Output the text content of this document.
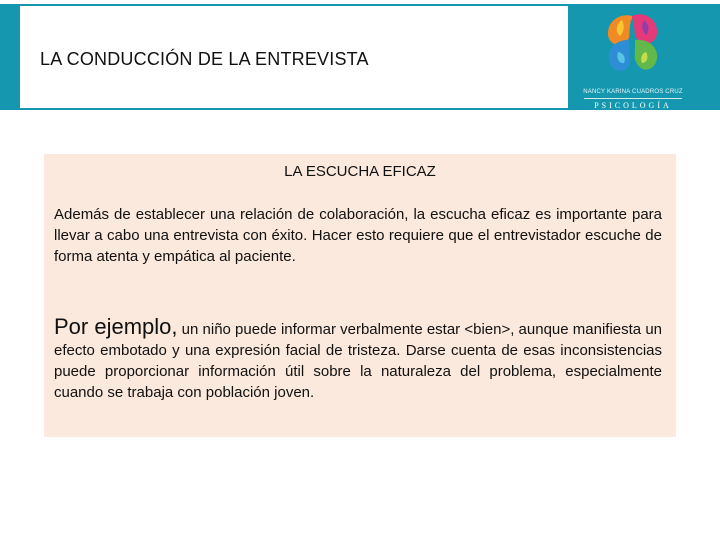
LA CONDUCCIÓN DE LA ENTREVISTA
NANCY KARINA CUADROS CRUZ
PSICOLOGÍA
LA ESCUCHA EFICAZ
Además de establecer una relación de colaboración, la escucha eficaz es importante para llevar a cabo una entrevista con éxito. Hacer esto requiere que el entrevistador escuche de forma atenta y empática al paciente.
Por ejemplo, un niño puede informar verbalmente estar <bien>, aunque manifiesta un efecto embotado y una expresión facial de tristeza. Darse cuenta de esas inconsistencias puede proporcionar información útil sobre la naturaleza del problema, especialmente cuando se trabaja con población joven.
